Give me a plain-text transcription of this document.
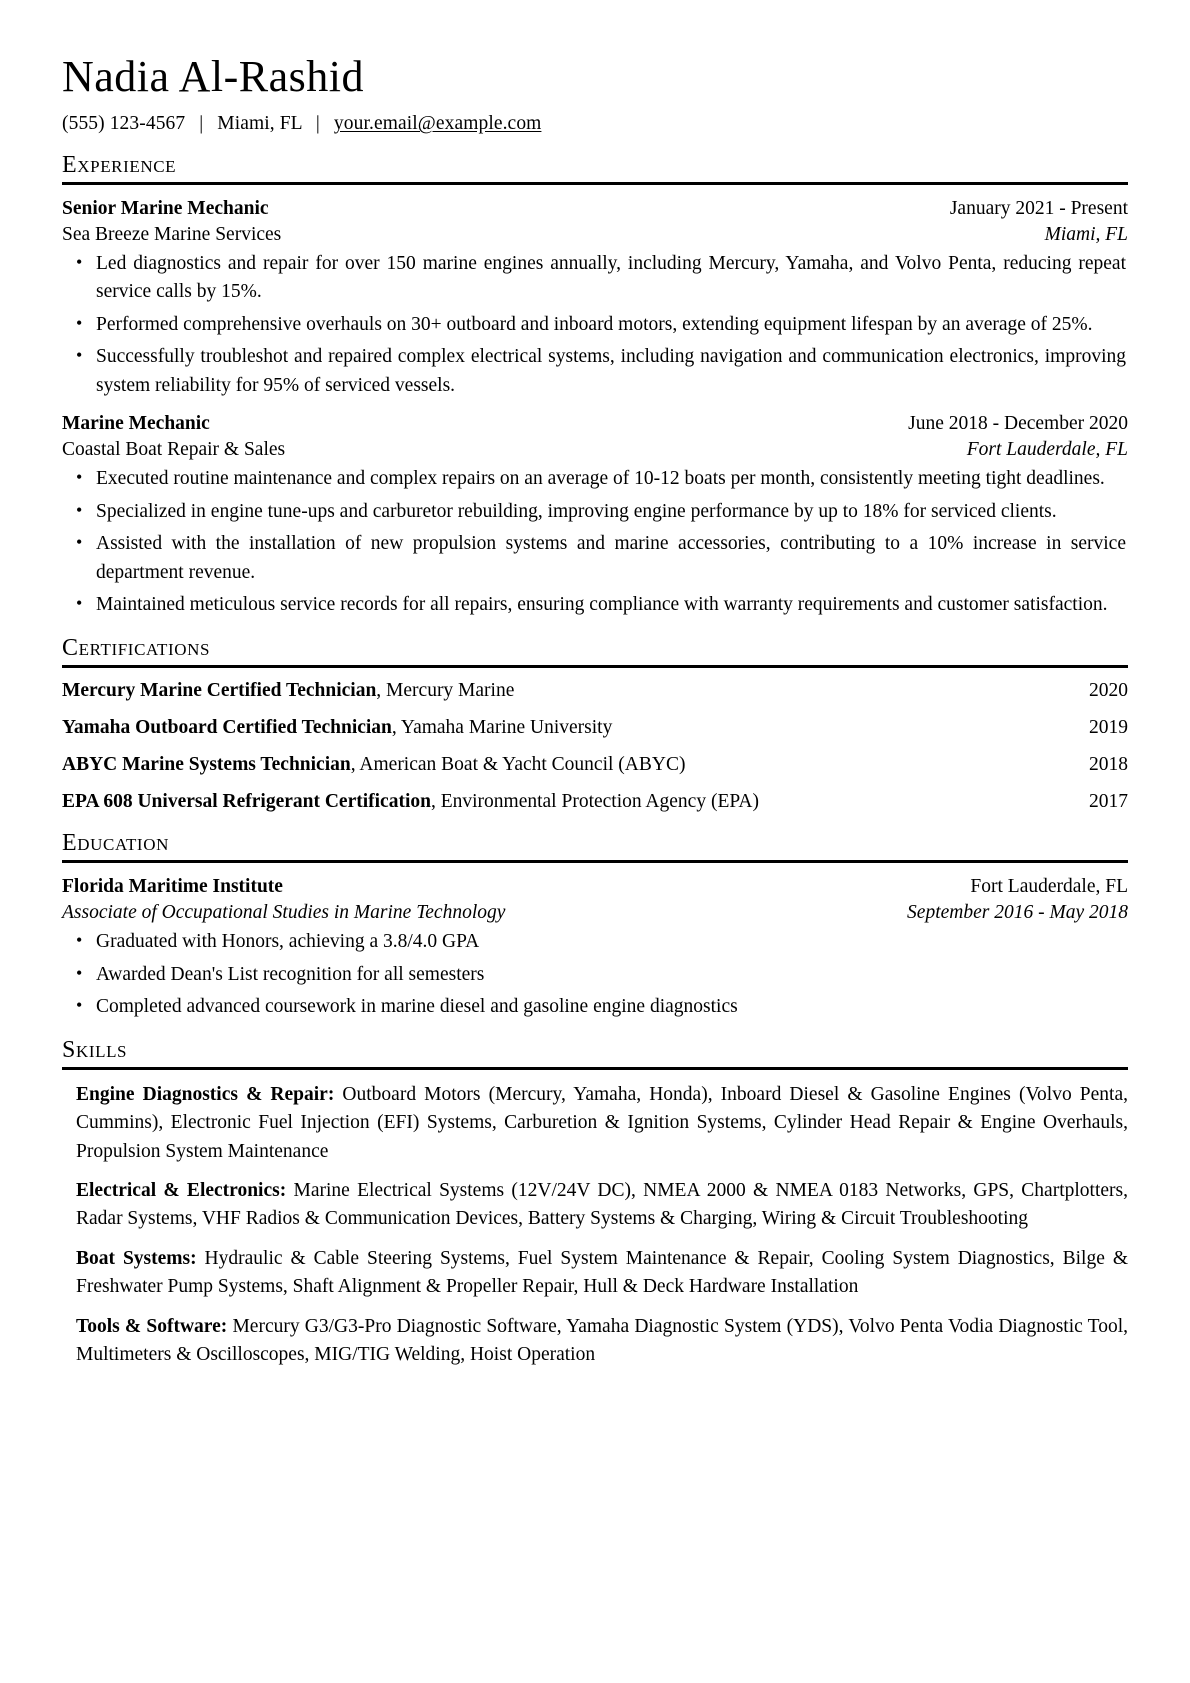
Nadia Al-Rashid
(555) 123-4567 | Miami, FL | your.email@example.com
Experience
Senior Marine Mechanic	January 2021 - Present
Sea Breeze Marine Services	Miami, FL
• Led diagnostics and repair for over 150 marine engines annually, including Mercury, Yamaha, and Volvo Penta, reducing repeat service calls by 15%.
• Performed comprehensive overhauls on 30+ outboard and inboard motors, extending equipment lifespan by an average of 25%.
• Successfully troubleshot and repaired complex electrical systems, including navigation and communication electronics, improving system reliability for 95% of serviced vessels.
Marine Mechanic	June 2018 - December 2020
Coastal Boat Repair & Sales	Fort Lauderdale, FL
• Executed routine maintenance and complex repairs on an average of 10-12 boats per month, consistently meeting tight deadlines.
• Specialized in engine tune-ups and carburetor rebuilding, improving engine performance by up to 18% for serviced clients.
• Assisted with the installation of new propulsion systems and marine accessories, contributing to a 10% increase in service department revenue.
• Maintained meticulous service records for all repairs, ensuring compliance with warranty requirements and customer satisfaction.
Certifications
Mercury Marine Certified Technician, Mercury Marine	2020
Yamaha Outboard Certified Technician, Yamaha Marine University	2019
ABYC Marine Systems Technician, American Boat & Yacht Council (ABYC)	2018
EPA 608 Universal Refrigerant Certification, Environmental Protection Agency (EPA)	2017
Education
Florida Maritime Institute	Fort Lauderdale, FL
Associate of Occupational Studies in Marine Technology	September 2016 - May 2018
• Graduated with Honors, achieving a 3.8/4.0 GPA
• Awarded Dean's List recognition for all semesters
• Completed advanced coursework in marine diesel and gasoline engine diagnostics
Skills

Engine Diagnostics & Repair: Outboard Motors (Mercury, Yamaha, Honda), Inboard Diesel & Gasoline Engines (Volvo Penta, Cummins), Electronic Fuel Injection (EFI) Systems, Carburetion & Ignition Systems, Cylinder Head Repair & Engine Overhauls, Propulsion System Maintenance

Electrical & Electronics: Marine Electrical Systems (12V/24V DC), NMEA 2000 & NMEA 0183 Networks, GPS, Chartplotters, Radar Systems, VHF Radios & Communication Devices, Battery Systems & Charging, Wiring & Circuit Troubleshooting

Boat Systems: Hydraulic & Cable Steering Systems, Fuel System Maintenance & Repair, Cooling System Diagnostics, Bilge & Freshwater Pump Systems, Shaft Alignment & Propeller Repair, Hull & Deck Hardware Installation

Tools & Software: Mercury G3/G3-Pro Diagnostic Software, Yamaha Diagnostic System (YDS), Volvo Penta Vodia Diagnostic Tool, Multimeters & Oscilloscopes, MIG/TIG Welding, Hoist Operation
